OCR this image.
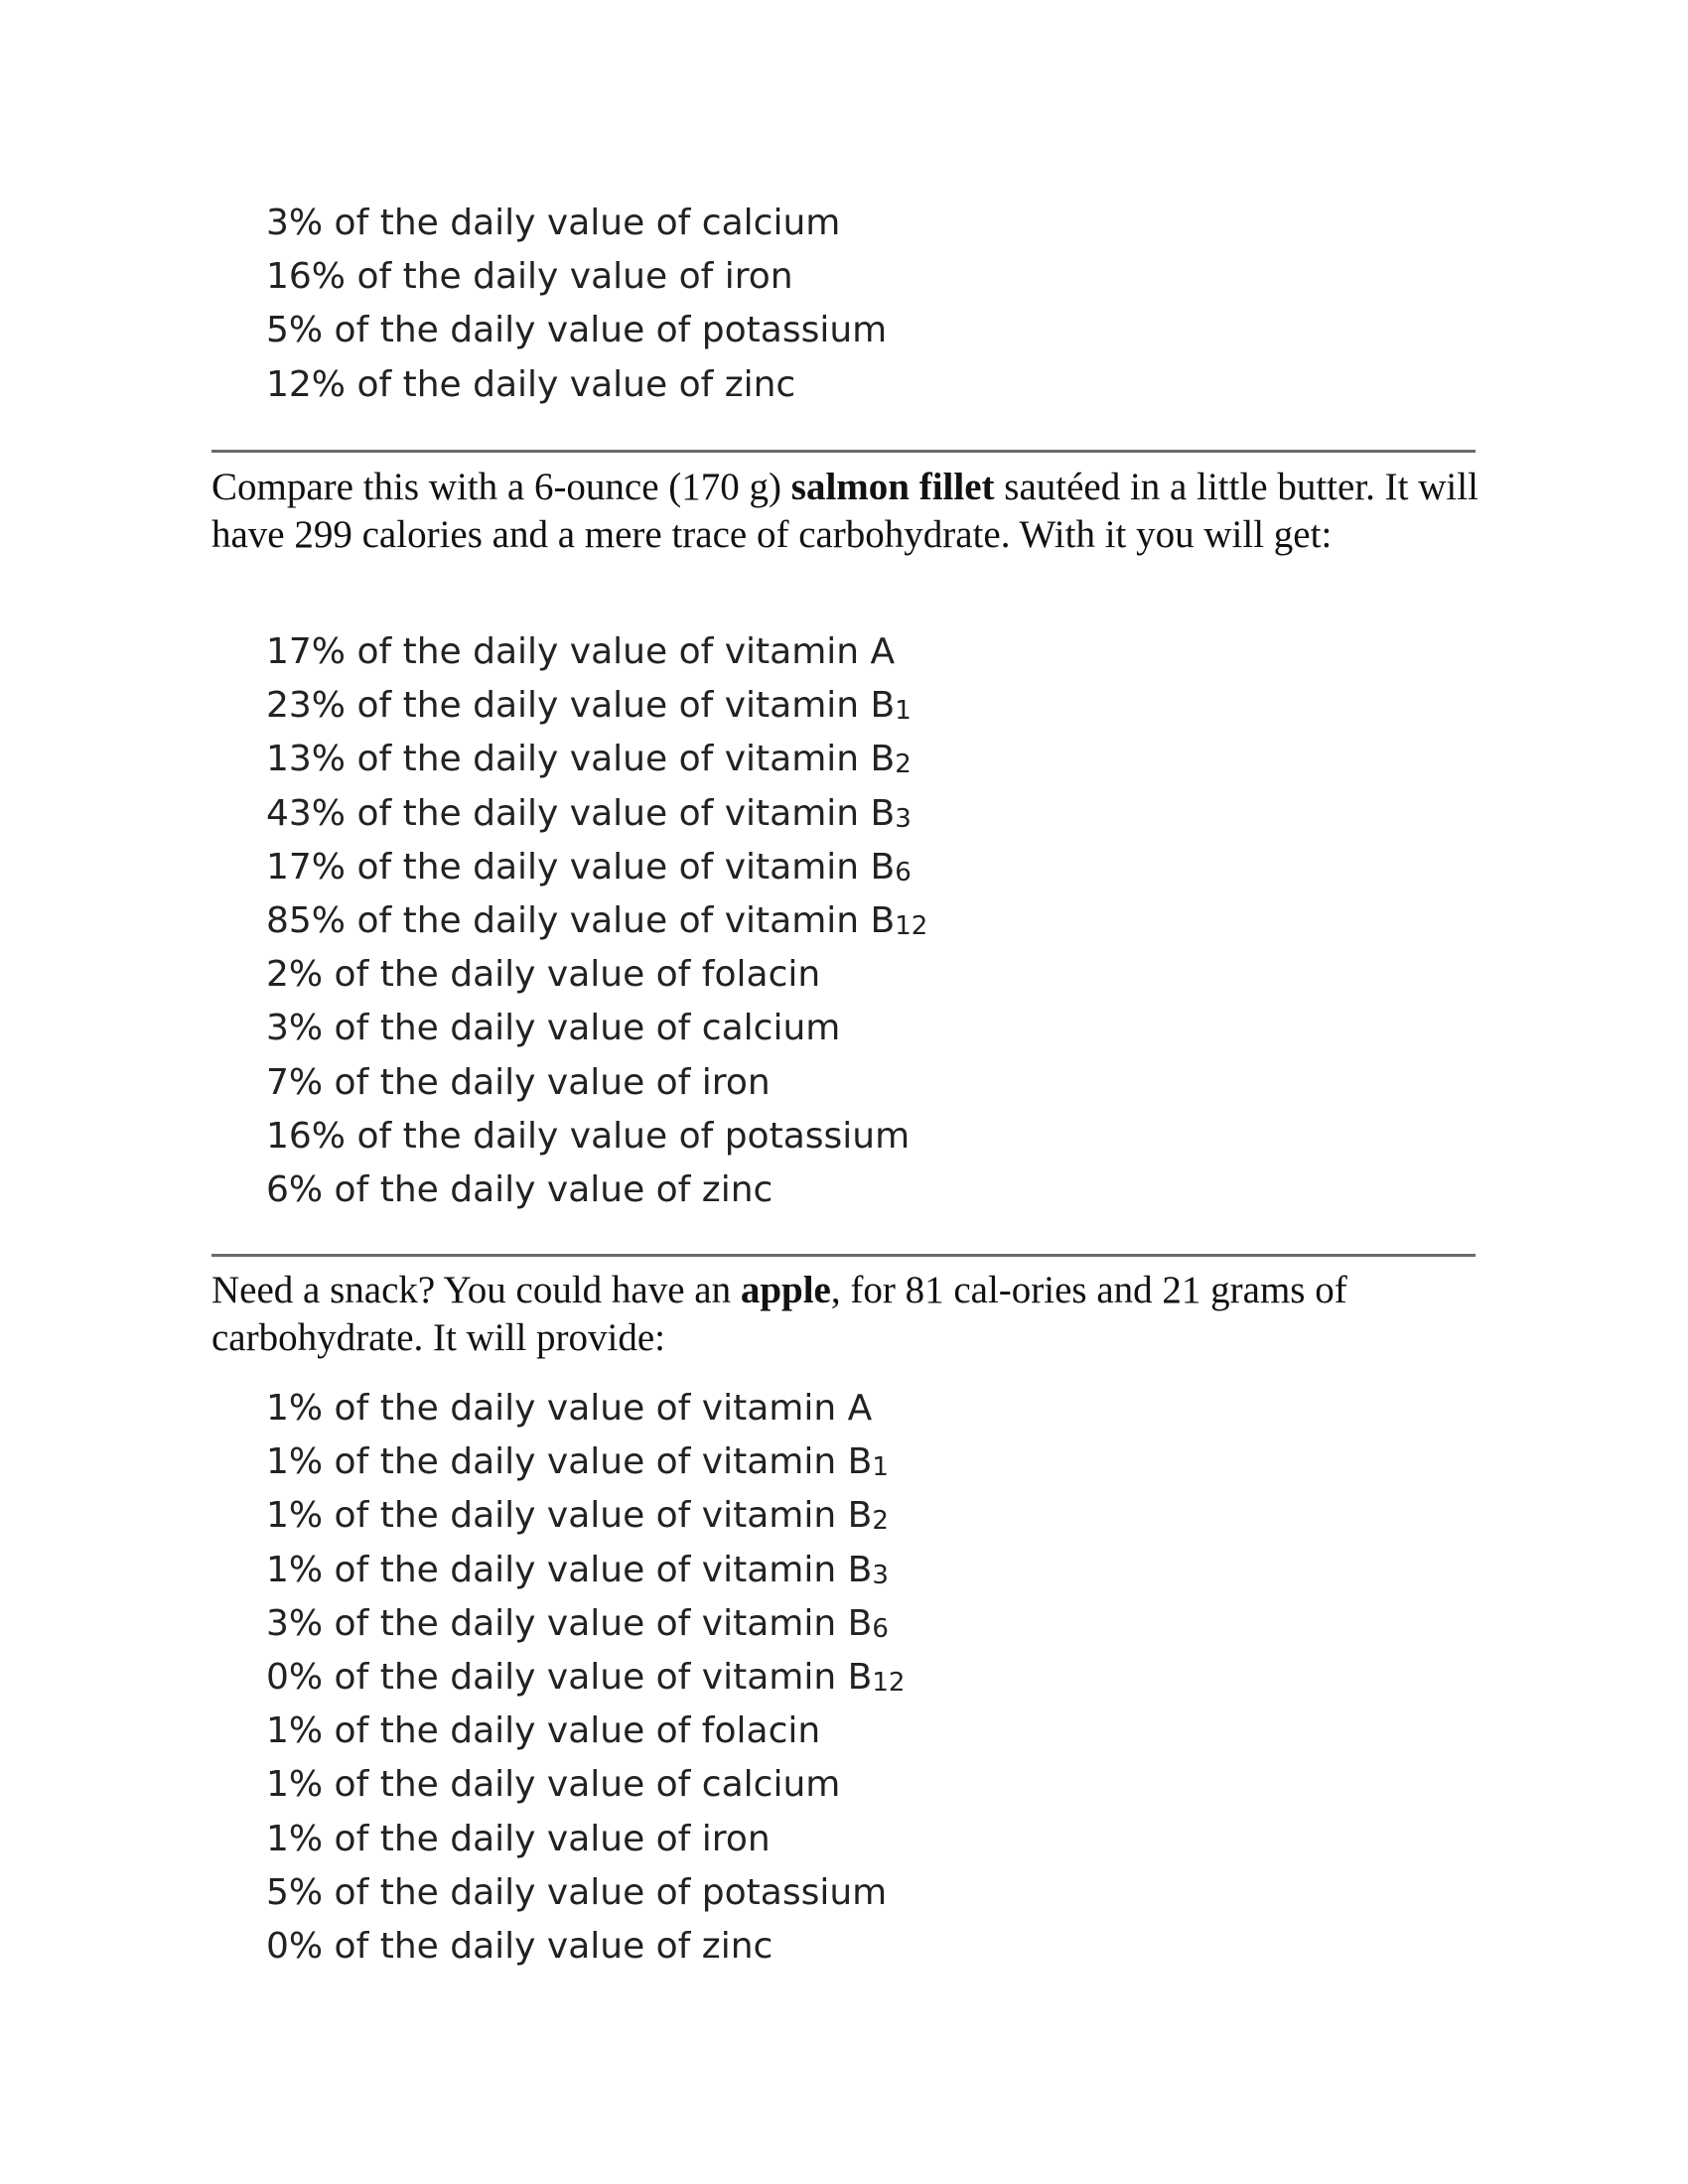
3% of the daily value of calcium
16% of the daily value of iron
5% of the daily value of potassium
12% of the daily value of zinc

Compare this with a 6-ounce (170 g) salmon fillet sautéed in a little butter. It will have 299 calories and a mere trace of carbohydrate. With it you will get:

17% of the daily value of vitamin A
23% of the daily value of vitamin B1
13% of the daily value of vitamin B2
43% of the daily value of vitamin B3
17% of the daily value of vitamin B6
85% of the daily value of vitamin B12
2% of the daily value of folacin
3% of the daily value of calcium
7% of the daily value of iron
16% of the daily value of potassium
6% of the daily value of zinc

Need a snack? You could have an apple, for 81 cal-ories and 21 grams of carbohydrate. It will provide:

1% of the daily value of vitamin A
1% of the daily value of vitamin B1
1% of the daily value of vitamin B2
1% of the daily value of vitamin B3
3% of the daily value of vitamin B6
0% of the daily value of vitamin B12
1% of the daily value of folacin
1% of the daily value of calcium
1% of the daily value of iron
5% of the daily value of potassium
0% of the daily value of zinc
